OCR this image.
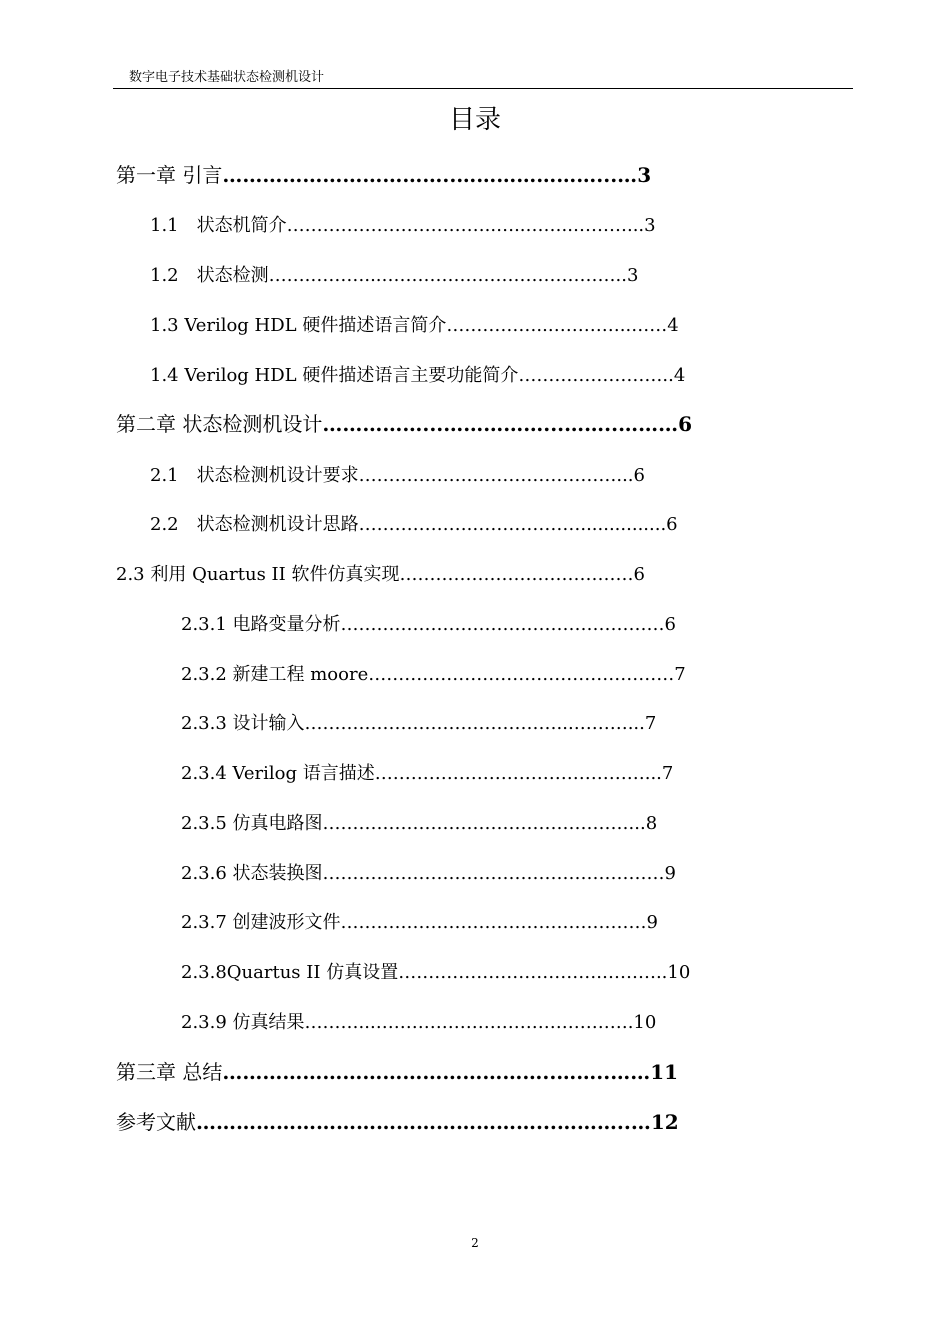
数字电子技术基础状态检测机设计
目录
第一章 引言……………………………..…………………...…3
1.1　状态机简介……………………………..…..……..………...3
1.2　状态检测…….………...…………………………………..3
1.3 Verilog HDL 硬件描述语言简介……………..…………..……4
1.4 Verilog HDL 硬件描述语言主要功能简介……………………..4
第二章 状态检测机设计……………...……………...……..………6
2.1　状态检测机设计要求……………….……………………...6
2.2　状态检测机设计思路……………….………………...............6
2.3 利用 Quartus II 软件仿真实现…………………………………6
2.3.1 电路变量分析………………………………………………6
2.3.2 新建工程 moore……………………………………………7
2.3.3 设计输入……………………………………...………...7
2.3.4 Verilog 语言描述………………………………………...7
2.3.5 仿真电路图……………………………………………...8
2.3.6 状态装换图…………………………………………………9
2.3.7 创建波形文件……………………………………………9
2.3.8Quartus II 仿真设置…………………………….………..10
2.3.9 仿真结果………...…………………………………….10
第三章 总结…………………………………………..……..……11
参考文献……………………………………………...………..…12
2
